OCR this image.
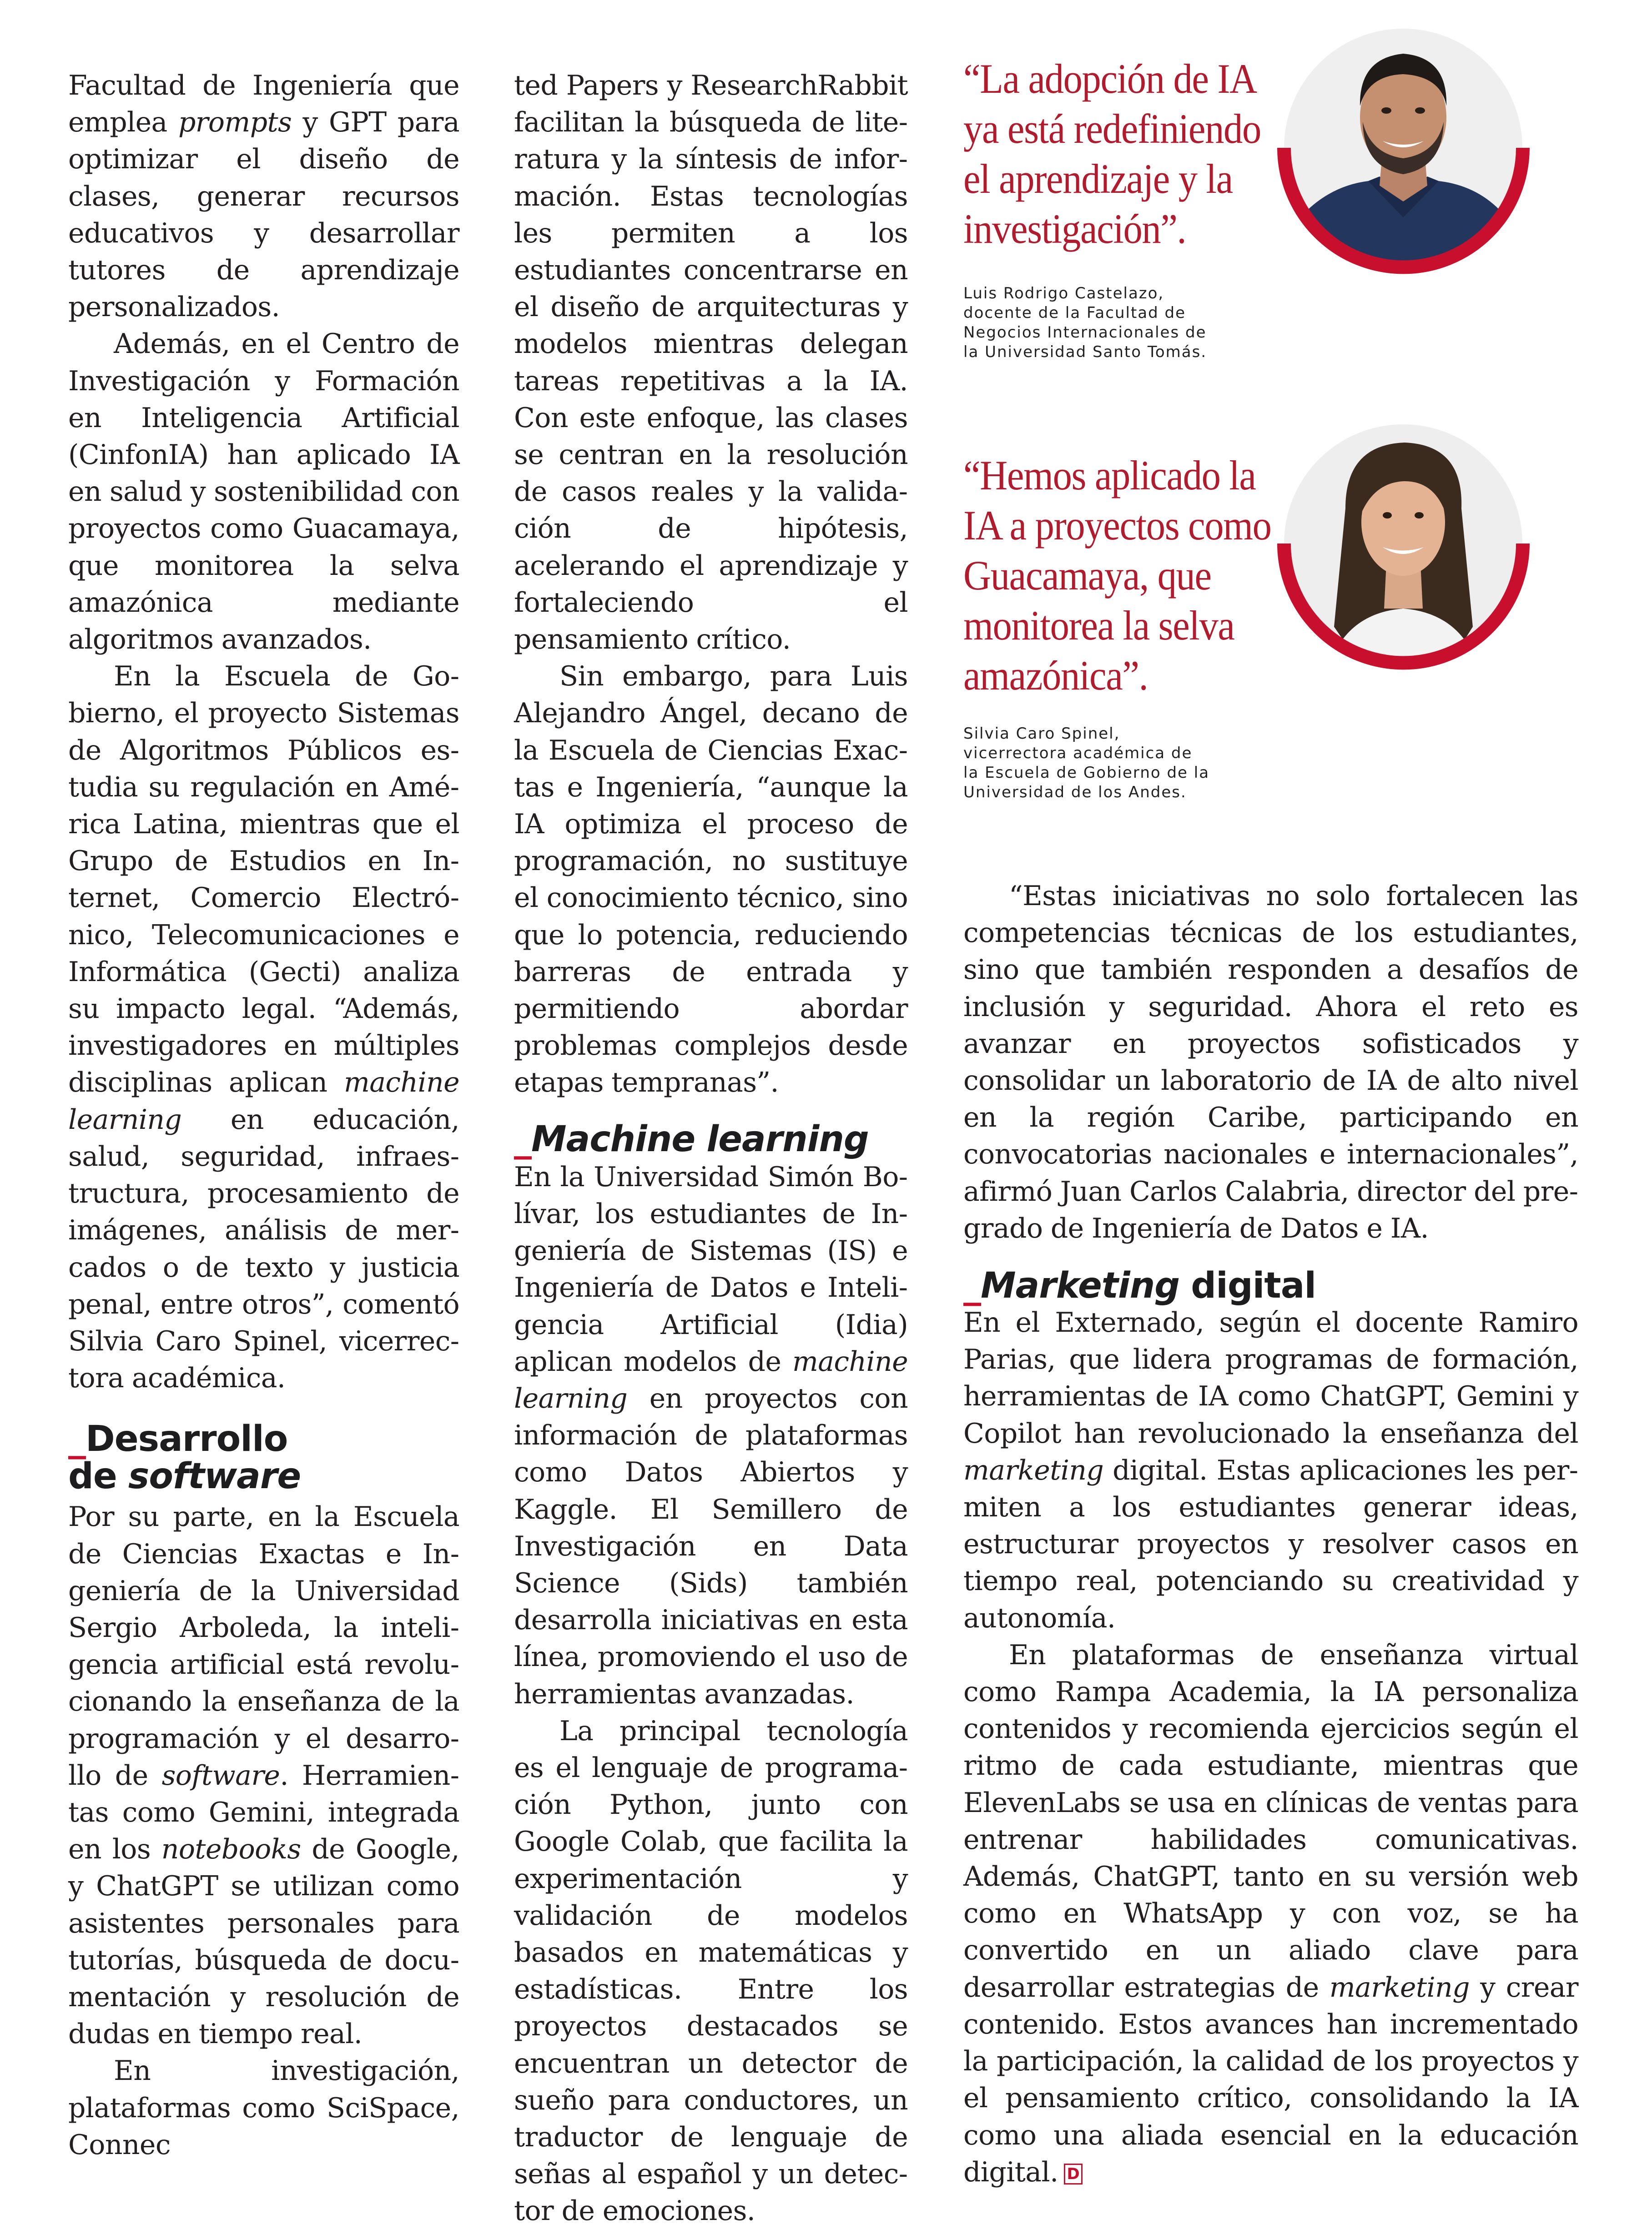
Facultad de Ingeniería que emplea prompts y GPT para optimizar el diseño de clases, generar recursos educativos y desarrollar tutores de aprendizaje personalizados.

Además, en el Centro de Investigación y Formación en Inteligencia Artificial (CinfonIA) han aplicado IA en salud y sostenibilidad con proyectos como Guacamaya, que monitorea la selva amazónica mediante algoritmos avanzados.

En la Escuela de Gobierno, el proyecto Sistemas de Algoritmos Públicos estudia su regulación en América Latina, mientras que el Grupo de Estudios en Internet, Comercio Electrónico, Telecomunicaciones e Informática (Gecti) analiza su impacto legal. “Además, investigadores en múltiples disciplinas aplican machine learning en educación, salud, seguridad, infraestructura, procesamiento de imágenes, análisis de mercados o de texto y justicia penal, entre otros”, comentó Silvia Caro Spinel, vicerrectora académica.

_Desarrollo
de software

Por su parte, en la Escuela de Ciencias Exactas e Ingeniería de la Universidad Sergio Arboleda, la inteligencia artificial está revolucionando la enseñanza de la programación y el desarrollo de software. Herramientas como Gemini, integrada en los notebooks de Google, y ChatGPT se utilizan como asistentes personales para tutorías, búsqueda de documentación y resolución de dudas en tiempo real.

En investigación, plataformas como SciSpace, Connec

ted Papers y ResearchRabbit facilitan la búsqueda de literatura y la síntesis de información. Estas tecnologías les permiten a los estudiantes concentrarse en el diseño de arquitecturas y modelos mientras delegan tareas repetitivas a la IA. Con este enfoque, las clases se centran en la resolución de casos reales y la validación de hipótesis, acelerando el aprendizaje y fortaleciendo el pensamiento crítico.

Sin embargo, para Luis Alejandro Ángel, decano de la Escuela de Ciencias Exactas e Ingeniería, “aunque la IA optimiza el proceso de programación, no sustituye el conocimiento técnico, sino que lo potencia, reduciendo barreras de entrada y permitiendo abordar problemas complejos desde etapas tempranas”.

_Machine learning

En la Universidad Simón Bolívar, los estudiantes de Ingeniería de Sistemas (IS) e Ingeniería de Datos e Inteligencia Artificial (Idia) aplican modelos de machine learning en proyectos con información de plataformas como Datos Abiertos y Kaggle. El Semillero de Investigación en Data Science (Sids) también desarrolla iniciativas en esta línea, promoviendo el uso de herramientas avanzadas.

La principal tecnología es el lenguaje de programación Python, junto con Google Colab, que facilita la experimentación y validación de modelos basados en matemáticas y estadísticas. Entre los proyectos destacados se encuentran un detector de sueño para conductores, un traductor de lenguaje de señas al español y un detector de emociones.

“La adopción de IA ya está redefiniendo el aprendizaje y la investigación”.
Luis Rodrigo Castelazo,
docente de la Facultad de
Negocios Internacionales de
la Universidad Santo Tomás.
“Hemos aplicado la IA a proyectos como Guacamaya, que monitorea la selva amazónica”.
Silvia Caro Spinel,
vicerrectora académica de
la Escuela de Gobierno de la
Universidad de los Andes.

“Estas iniciativas no solo fortalecen las competencias técnicas de los estudiantes, sino que también responden a desafíos de inclusión y seguridad. Ahora el reto es avanzar en proyectos sofisticados y consolidar un laboratorio de IA de alto nivel en la región Caribe, participando en convocatorias nacionales e internacionales”, afirmó Juan Carlos Calabria, director del pregrado de Ingeniería de Datos e IA.

_Marketing digital

En el Externado, según el docente Ramiro Parias, que lidera programas de formación, herramientas de IA como ChatGPT, Gemini y Copilot han revolucionado la enseñanza del marketing digital. Estas aplicaciones les permiten a los estudiantes generar ideas, estructurar proyectos y resolver casos en tiempo real, potenciando su creatividad y autonomía.

En plataformas de enseñanza virtual como Rampa Academia, la IA personaliza contenidos y recomienda ejercicios según el ritmo de cada estudiante, mientras que ElevenLabs se usa en clínicas de ventas para entrenar habilidades comunicativas. Además, ChatGPT, tanto en su versión web como en WhatsApp y con voz, se ha convertido en un aliado clave para desarrollar estrategias de marketing y crear contenido. Estos avances han incrementado la participación, la calidad de los proyectos y el pensamiento crítico, consolidando la IA como una aliada esencial en la educación digital. D
